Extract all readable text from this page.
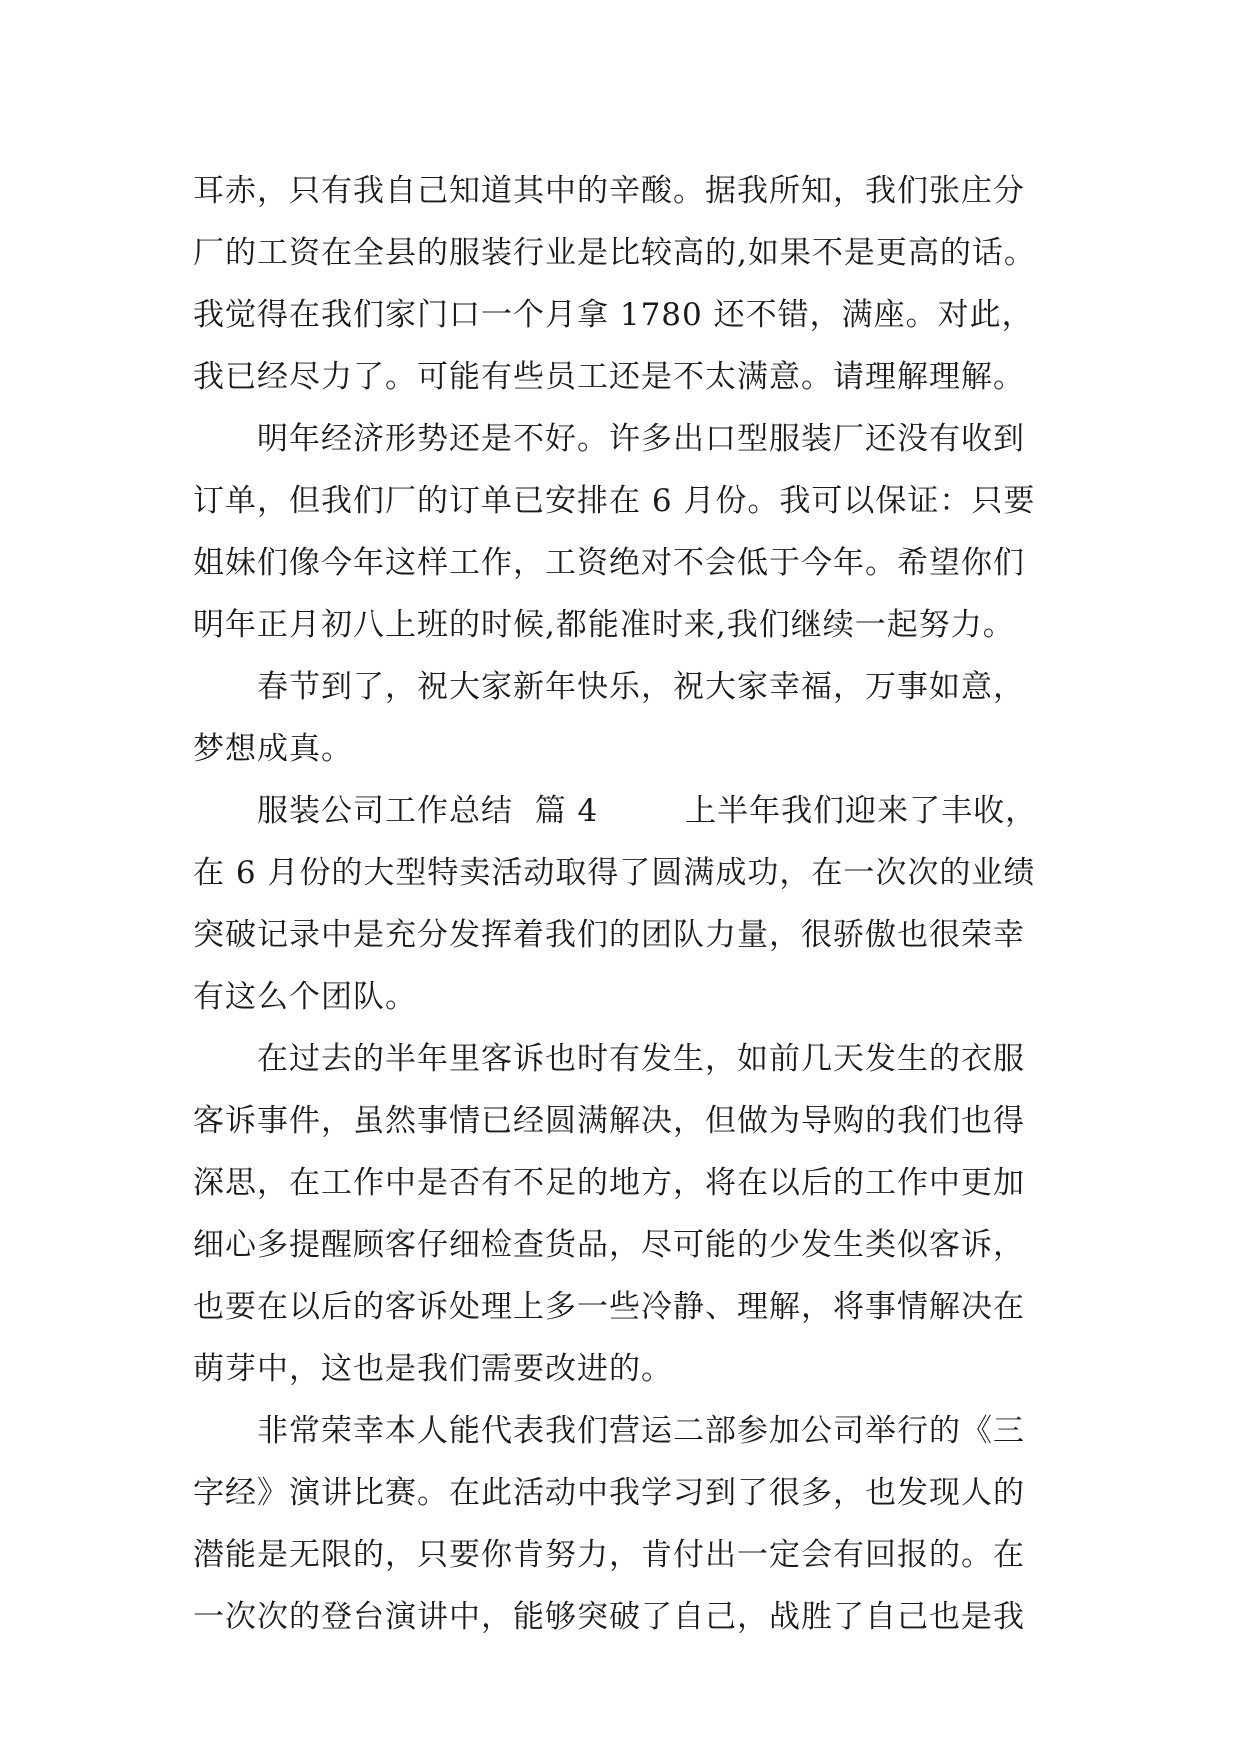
耳赤，只有我自己知道其中的辛酸。据我所知，我们张庄分
厂的工资在全县的服装行业是比较高的,如果不是更高的话。
我觉得在我们家门口一个月拿 1780 还不错，满座。对此，
我已经尽力了。可能有些员工还是不太满意。请理解理解。
明年经济形势还是不好。许多出口型服装厂还没有收到
订单，但我们厂的订单已安排在 6 月份。我可以保证：只要
姐妹们像今年这样工作，工资绝对不会低于今年。希望你们
明年正月初八上班的时候,都能准时来,我们继续一起努力。
春节到了，祝大家新年快乐，祝大家幸福，万事如意，
梦想成真。
服装公司工作总结  篇 4        上半年我们迎来了丰收，
在 6 月份的大型特卖活动取得了圆满成功，在一次次的业绩
突破记录中是充分发挥着我们的团队力量，很骄傲也很荣幸
有这么个团队。
在过去的半年里客诉也时有发生，如前几天发生的衣服
客诉事件，虽然事情已经圆满解决，但做为导购的我们也得
深思，在工作中是否有不足的地方，将在以后的工作中更加
细心多提醒顾客仔细检查货品，尽可能的少发生类似客诉，
也要在以后的客诉处理上多一些冷静、理解，将事情解决在
萌芽中，这也是我们需要改进的。
非常荣幸本人能代表我们营运二部参加公司举行的《三
字经》演讲比赛。在此活动中我学习到了很多，也发现人的
潜能是无限的，只要你肯努力，肯付出一定会有回报的。在
一次次的登台演讲中，能够突破了自己，战胜了自己也是我
